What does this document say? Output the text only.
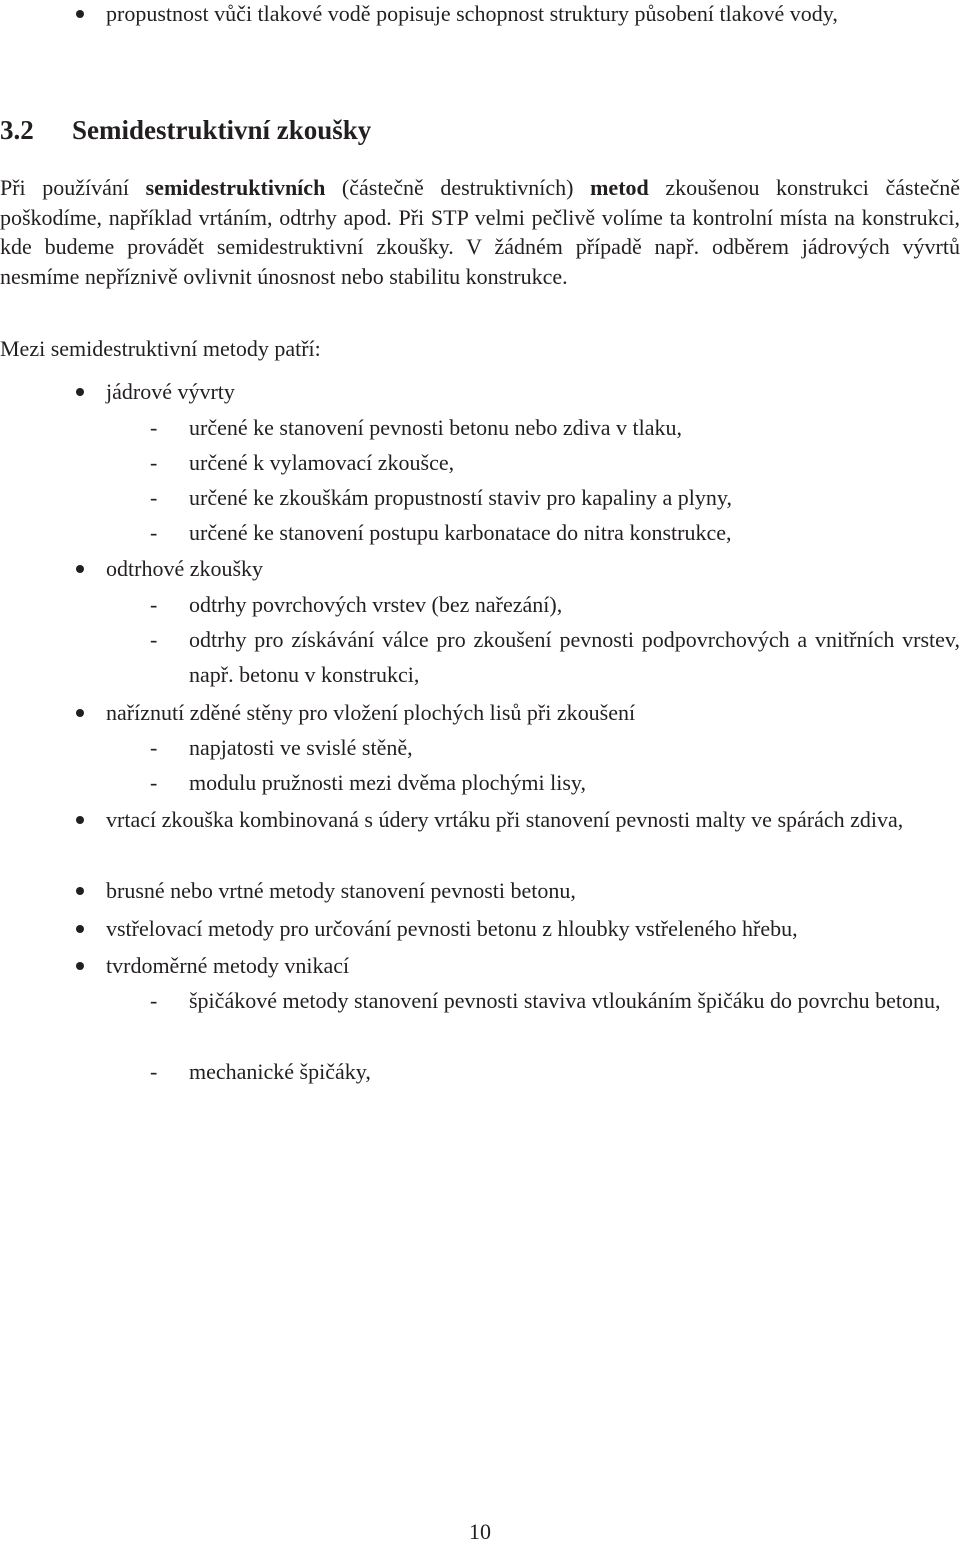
propustnost vůči tlakové vodě popisuje schopnost struktury působení tlakové vody,
3.2 Semidestruktivní zkoušky

Při používání semidestruktivních (částečně destruktivních) metod zkoušenou konstrukci částečně poškodíme, například vrtáním, odtrhy apod. Při STP velmi pečlivě volíme ta kontrolní místa na konstrukci, kde budeme provádět semidestruktivní zkoušky. V žádném případě např. odběrem jádrových vývrtů nesmíme nepříznivě ovlivnit únosnost nebo stabilitu konstrukce.

Mezi semidestruktivní metody patří:
jádrové vývrty
- určené ke stanovení pevnosti betonu nebo zdiva v tlaku,
- určené k vylamovací zkoušce,
- určené ke zkouškám propustností staviv pro kapaliny a plyny,
- určené ke stanovení postupu karbonatace do nitra konstrukce,
odtrhové zkoušky
- odtrhy povrchových vrstev (bez nařezání),
- odtrhy pro získávání válce pro zkoušení pevnosti podpovrchových a vnitřních vrstev, např. betonu v konstrukci,
naříznutí zděné stěny pro vložení plochých lisů při zkoušení
- napjatosti ve svislé stěně,
- modulu pružnosti mezi dvěma plochými lisy,
vrtací zkouška kombinovaná s údery vrtáku při stanovení pevnosti malty ve spárách zdiva,
brusné nebo vrtné metody stanovení pevnosti betonu,
vstřelovací metody pro určování pevnosti betonu z hloubky vstřeleného hřebu,
tvrdoměrné metody vnikací
- špičákové metody stanovení pevnosti staviva vtloukáním špičáku do povrchu betonu,
- mechanické špičáky,
10
